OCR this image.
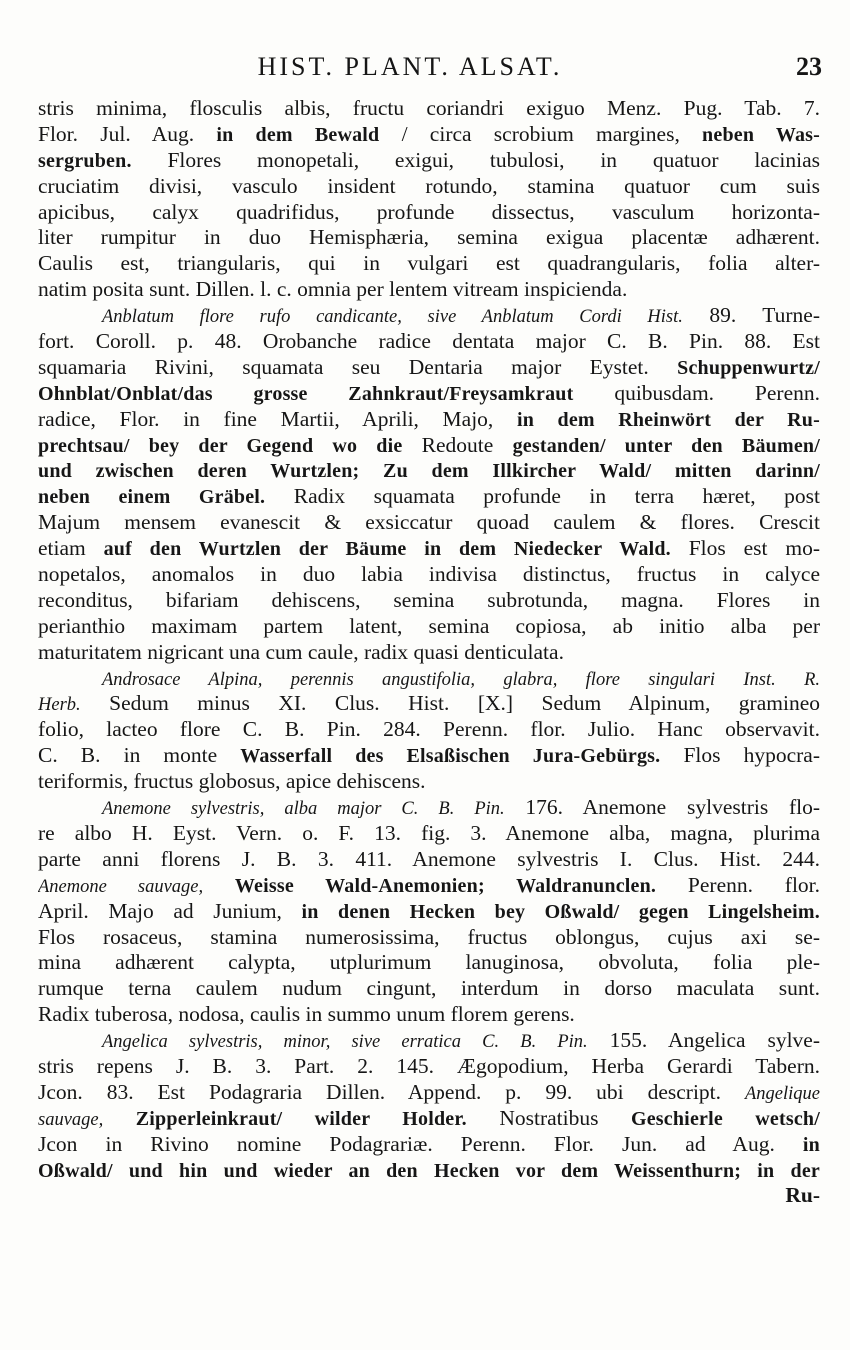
HIST. PLANT. ALSAT.	23
stris minima, flosculis albis, fructu coriandri exiguo Menz. Pug. Tab. 7.
Flor. Jul. Aug. in dem Bewald / circa scrobium margines, neben Was-
sergruben. Flores monopetali, exigui, tubulosi, in quatuor lacinias
cruciatim divisi, vasculo insident rotundo, stamina quatuor cum suis
apicibus, calyx quadrifidus, profunde dissectus, vasculum horizonta-
liter rumpitur in duo Hemisphæria, semina exigua placentæ adhærent.
Caulis est, triangularis, qui in vulgari est quadrangularis, folia alter-
natim posita sunt. Dillen. l. c. omnia per lentem vitream inspicienda.
Anblatum flore rufo candicante, sive Anblatum Cordi Hist. 89. Turne-
fort. Coroll. p. 48. Orobanche radice dentata major C. B. Pin. 88. Est
squamaria Rivini, squamata seu Dentaria major Eystet. Schuppenwurtz/
Ohnblat/Onblat/das grosse Zahnkraut/Freysamkraut quibusdam. Perenn.
radice, Flor. in fine Martii, Aprili, Majo, in dem Rheinwört der Ru-
prechtsau/ bey der Gegend wo die Redoute gestanden/ unter den Bäumen/
und zwischen deren Wurtzlen; Zu dem Illkircher Wald/ mitten darinn/
neben einem Gräbel. Radix squamata profunde in terra hæret, post
Majum mensem evanescit & exsiccatur quoad caulem & flores. Crescit
etiam auf den Wurtzlen der Bäume in dem Niedecker Wald. Flos est mo-
nopetalos, anomalos in duo labia indivisa distinctus, fructus in calyce
reconditus, bifariam dehiscens, semina subrotunda, magna. Flores in
perianthio maximam partem latent, semina copiosa, ab initio alba per
maturitatem nigricant una cum caule, radix quasi denticulata.
Androsace Alpina, perennis angustifolia, glabra, flore singulari Inst. R.
Herb. Sedum minus XI. Clus. Hist. [X.] Sedum Alpinum, gramineo
folio, lacteo flore C. B. Pin. 284. Perenn. flor. Julio. Hanc observavit.
C. B. in monte Wasserfall des Elsaßischen Jura-Gebürgs. Flos hypocra-
teriformis, fructus globosus, apice dehiscens.
Anemone sylvestris, alba major C. B. Pin. 176. Anemone sylvestris flo-
re albo H. Eyst. Vern. o. F. 13. fig. 3. Anemone alba, magna, plurima
parte anni florens J. B. 3. 411. Anemone sylvestris I. Clus. Hist. 244.
Anemone sauvage, Weisse Wald-Anemonien; Waldranunclen. Perenn. flor.
April. Majo ad Junium, in denen Hecken bey Oßwald/ gegen Lingelsheim.
Flos rosaceus, stamina numerosissima, fructus oblongus, cujus axi se-
mina adhærent calypta, utplurimum lanuginosa, obvoluta, folia ple-
rumque terna caulem nudum cingunt, interdum in dorso maculata sunt.
Radix tuberosa, nodosa, caulis in summo unum florem gerens.
Angelica sylvestris, minor, sive erratica C. B. Pin. 155. Angelica sylve-
stris repens J. B. 3. Part. 2. 145. Ægopodium, Herba Gerardi Tabern.
Jcon. 83. Est Podagraria Dillen. Append. p. 99. ubi descript. Angelique
sauvage, Zipperleinkraut/ wilder Holder. Nostratibus Geschierle wetsch/
Jcon in Rivino nomine Podagrariæ. Perenn. Flor. Jun. ad Aug. in
Oßwald/ und hin und wieder an den Hecken vor dem Weissenthurn; in der
Ru-
